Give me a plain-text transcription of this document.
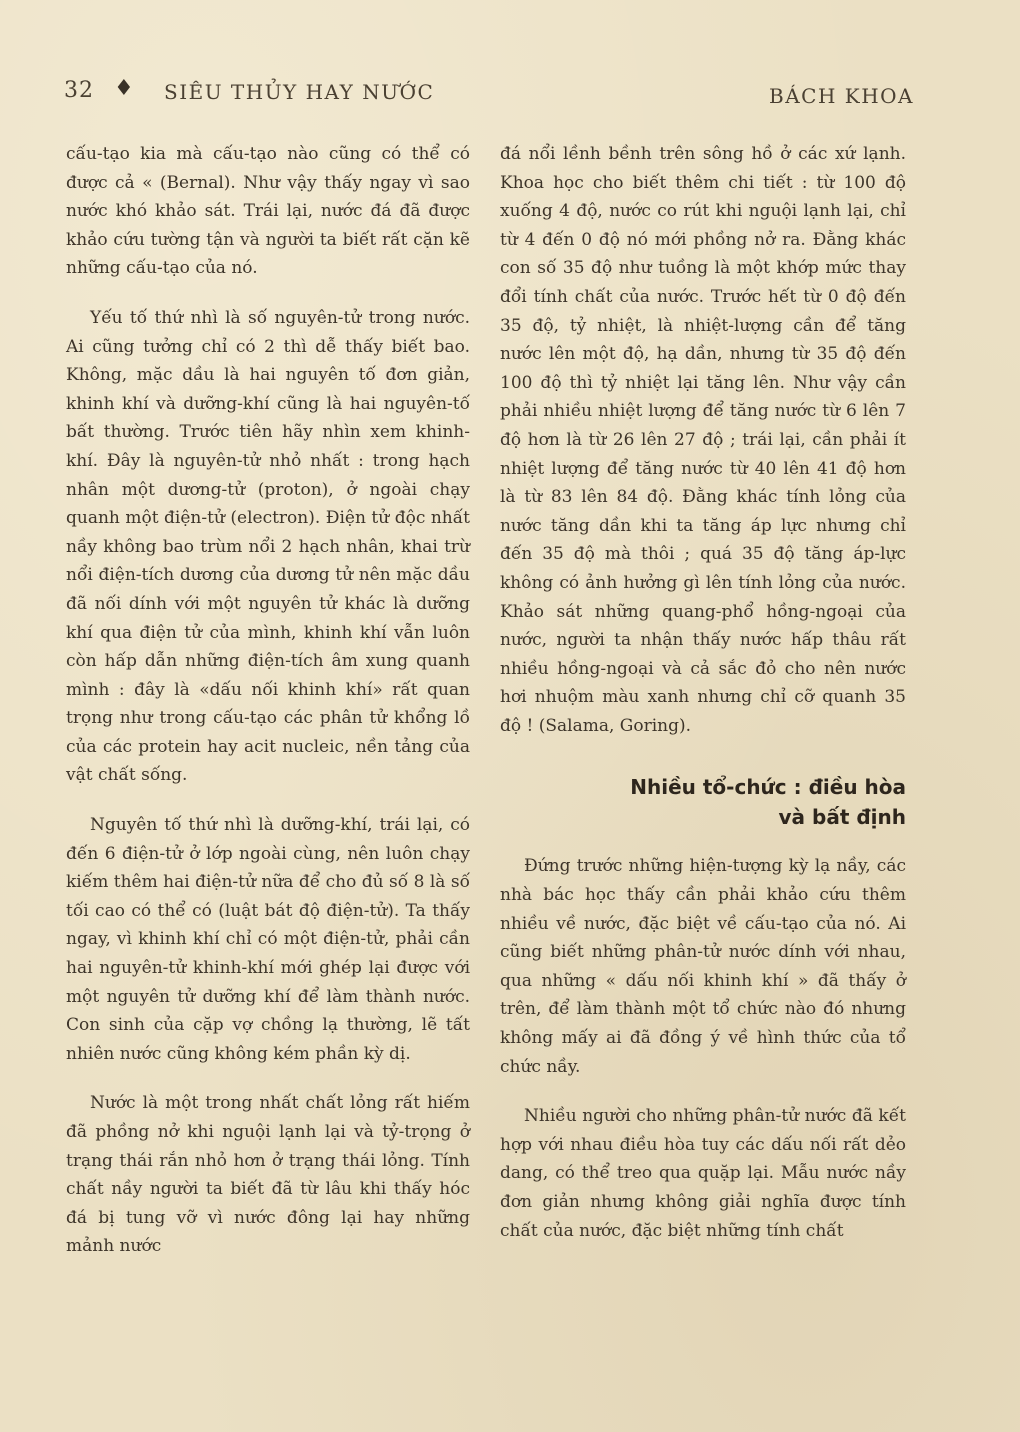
32 ♦ SIÊU THỦY HAY NƯỚC	BÁCH KHOA

cấu-tạo kia mà cấu-tạo nào cũng có thể có được cả « (Bernal). Như vậy thấy ngay vì sao nước khó khảo sát. Trái lại, nước đá đã được khảo cứu tường tận và người ta biết rất cặn kẽ những cấu-tạo của nó.

Yếu tố thứ nhì là số nguyên-tử trong nước. Ai cũng tưởng chỉ có 2 thì dễ thấy biết bao. Không, mặc dầu là hai nguyên tố đơn giản, khinh khí và dưỡng-khí cũng là hai nguyên-tố bất thường. Trước tiên hãy nhìn xem khinh-khí. Đây là nguyên-tử nhỏ nhất : trong hạch nhân một dương-tử (proton), ở ngoài chạy quanh một điện-tử (electron). Điện tử độc nhất nầy không bao trùm nổi 2 hạch nhân, khai trừ nổi điện-tích dương của dương tử nên mặc dầu đã nối dính với một nguyên tử khác là dưỡng khí qua điện tử của mình, khinh khí vẫn luôn còn hấp dẫn những điện-tích âm xung quanh mình : đây là «dấu nối khinh khí» rất quan trọng như trong cấu-tạo các phân tử khổng lồ của các protein hay acit nucleic, nền tảng của vật chất sống.

Nguyên tố thứ nhì là dưỡng-khí, trái lại, có đến 6 điện-tử ở lớp ngoài cùng, nên luôn chạy kiếm thêm hai điện-tử nữa để cho đủ số 8 là số tối cao có thể có (luật bát độ điện-tử). Ta thấy ngay, vì khinh khí chỉ có một điện-tử, phải cần hai nguyên-tử khinh-khí mới ghép lại được với một nguyên tử dưỡng khí để làm thành nước. Con sinh của cặp vợ chồng lạ thường, lẽ tất nhiên nước cũng không kém phần kỳ dị.

Nước là một trong nhất chất lỏng rất hiếm đã phồng nở khi nguội lạnh lại và tỷ-trọng ở trạng thái rắn nhỏ hơn ở trạng thái lỏng. Tính chất nầy người ta biết đã từ lâu khi thấy hóc đá bị tung vỡ vì nước đông lại hay những mảnh nước

đá nổi lềnh bềnh trên sông hồ ở các xứ lạnh. Khoa học cho biết thêm chi tiết : từ 100 độ xuống 4 độ, nước co rút khi nguội lạnh lại, chỉ từ 4 đến 0 độ nó mới phồng nở ra. Đằng khác con số 35 độ như tuồng là một khớp mức thay đổi tính chất của nước. Trước hết từ 0 độ đến 35 độ, tỷ nhiệt, là nhiệt-lượng cần để tăng nước lên một độ, hạ dần, nhưng từ 35 độ đến 100 độ thì tỷ nhiệt lại tăng lên. Như vậy cần phải nhiều nhiệt lượng để tăng nước từ 6 lên 7 độ hơn là từ 26 lên 27 độ ; trái lại, cần phải ít nhiệt lượng để tăng nước từ 40 lên 41 độ hơn là từ 83 lên 84 độ. Đằng khác tính lỏng của nước tăng dần khi ta tăng áp lực nhưng chỉ đến 35 độ mà thôi ; quá 35 độ tăng áp-lực không có ảnh hưởng gì lên tính lỏng của nước. Khảo sát những quang-phổ hồng-ngoại của nước, người ta nhận thấy nước hấp thâu rất nhiều hồng-ngoại và cả sắc đỏ cho nên nước hơi nhuộm màu xanh nhưng chỉ cỡ quanh 35 độ ! (Salama, Goring).

Nhiều tổ-chức : điều hòa
và bất định

Đứng trước những hiện-tượng kỳ lạ nầy, các nhà bác học thấy cần phải khảo cứu thêm nhiều về nước, đặc biệt về cấu-tạo của nó. Ai cũng biết những phân-tử nước dính với nhau, qua những « dấu nối khinh khí » đã thấy ở trên, để làm thành một tổ chức nào đó nhưng không mấy ai đã đồng ý về hình thức của tổ chức nầy.

Nhiều người cho những phân-tử nước đã kết hợp với nhau điều hòa tuy các dấu nối rất dẻo dang, có thể treo qua quặp lại. Mẫu nước nầy đơn giản nhưng không giải nghĩa được tính chất của nước, đặc biệt những tính chất
